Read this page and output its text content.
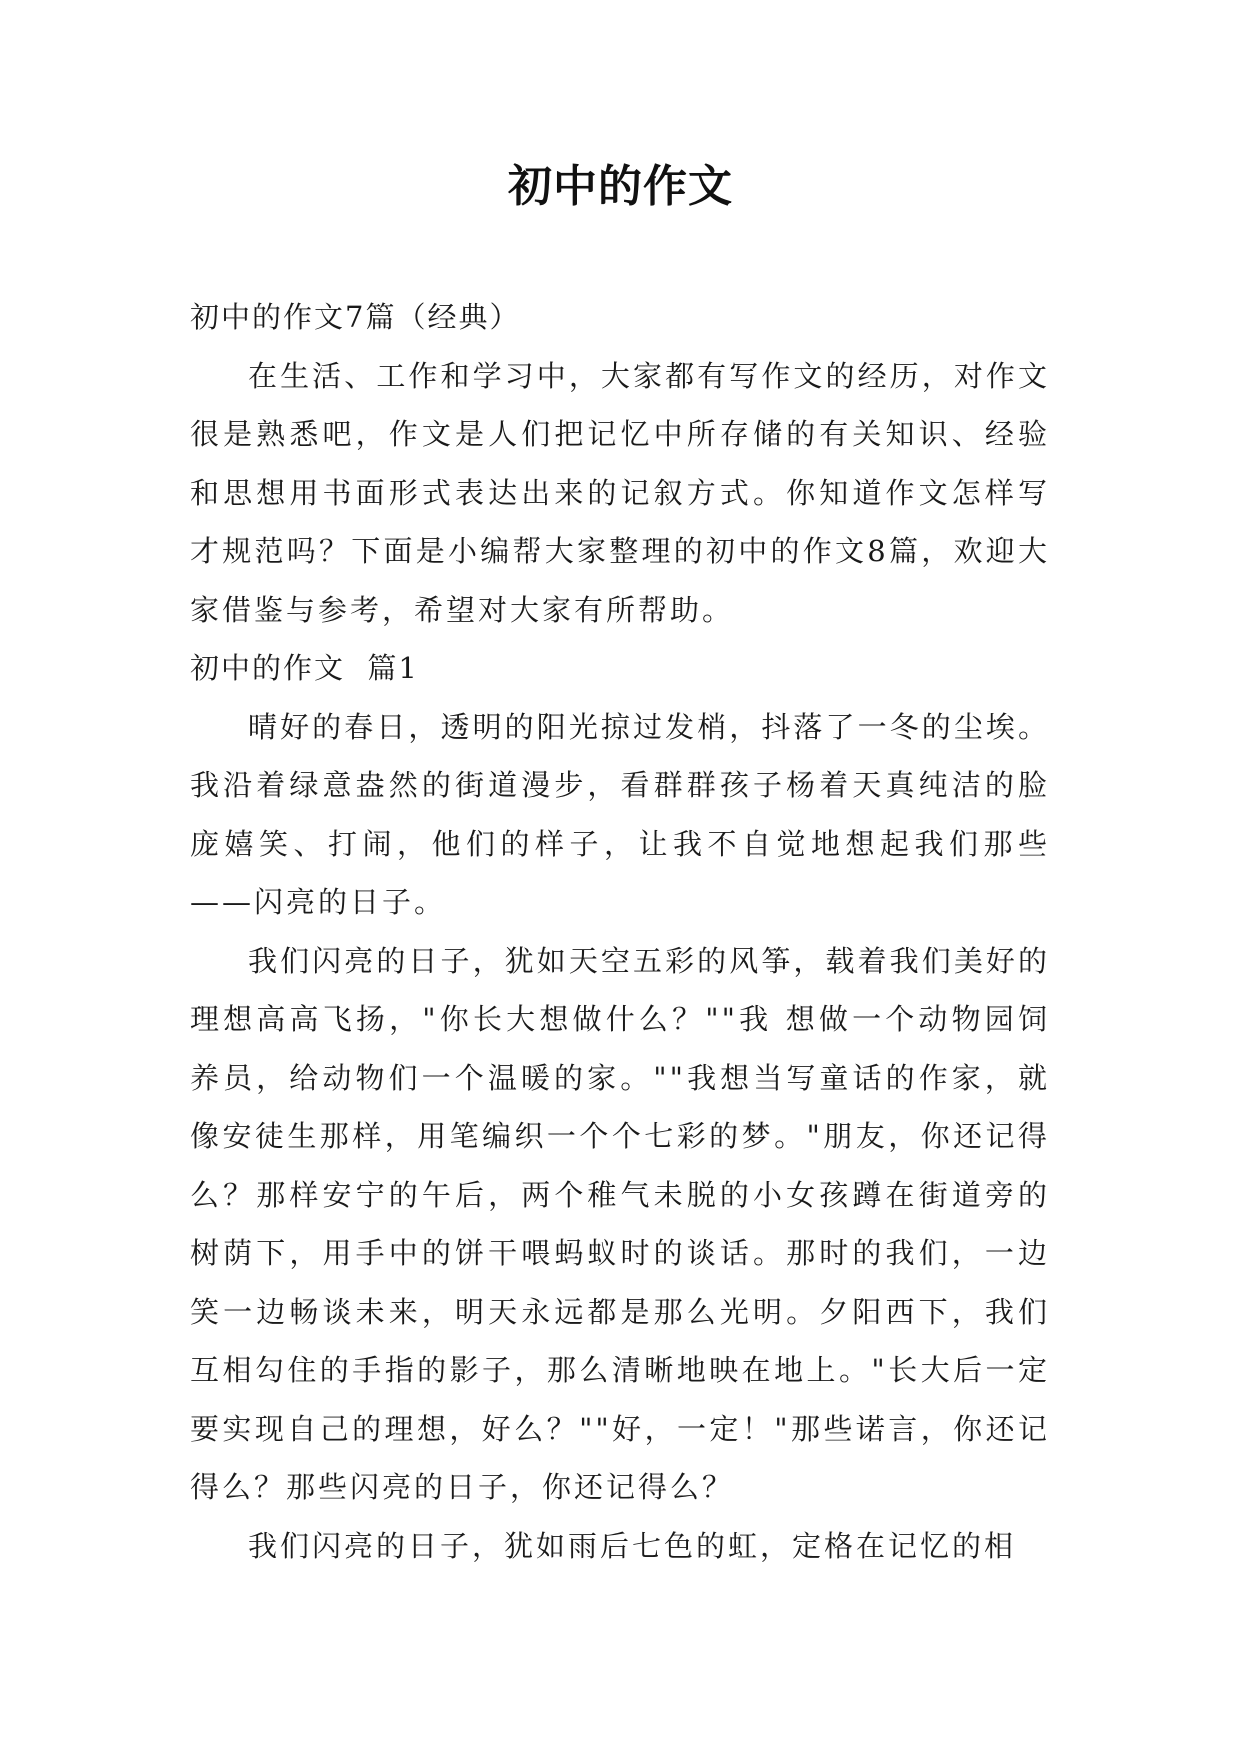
初中的作文

初中的作文7篇（经典）

在生活、工作和学习中，大家都有写作文的经历，对作文很是熟悉吧，作文是人们把记忆中所存储的有关知识、经验和思想用书面形式表达出来的记叙方式。你知道作文怎样写才规范吗？下面是小编帮大家整理的初中的作文8篇，欢迎大家借鉴与参考，希望对大家有所帮助。

初中的作文  篇1

晴好的春日，透明的阳光掠过发梢，抖落了一冬的尘埃。我沿着绿意盎然的街道漫步，看群群孩子杨着天真纯洁的脸庞嬉笑、打闹，他们的样子，让我不自觉地想起我们那些——闪亮的日子。

我们闪亮的日子，犹如天空五彩的风筝，载着我们美好的理想高高飞扬，"你长大想做什么？""我 想做一个动物园饲养员，给动物们一个温暖的家。""我想当写童话的作家，就像安徒生那样，用笔编织一个个七彩的梦。"朋友，你还记得么？那样安宁的午后，两个稚气未脱的小女孩蹲在街道旁的树荫下，用手中的饼干喂蚂蚁时的谈话。那时的我们，一边笑一边畅谈未来，明天永远都是那么光明。夕阳西下，我们互相勾住的手指的影子，那么清晰地映在地上。"长大后一定要实现自己的理想，好么？""好，一定！"那些诺言，你还记得么？那些闪亮的日子，你还记得么？

我们闪亮的日子，犹如雨后七色的虹，定格在记忆的相
